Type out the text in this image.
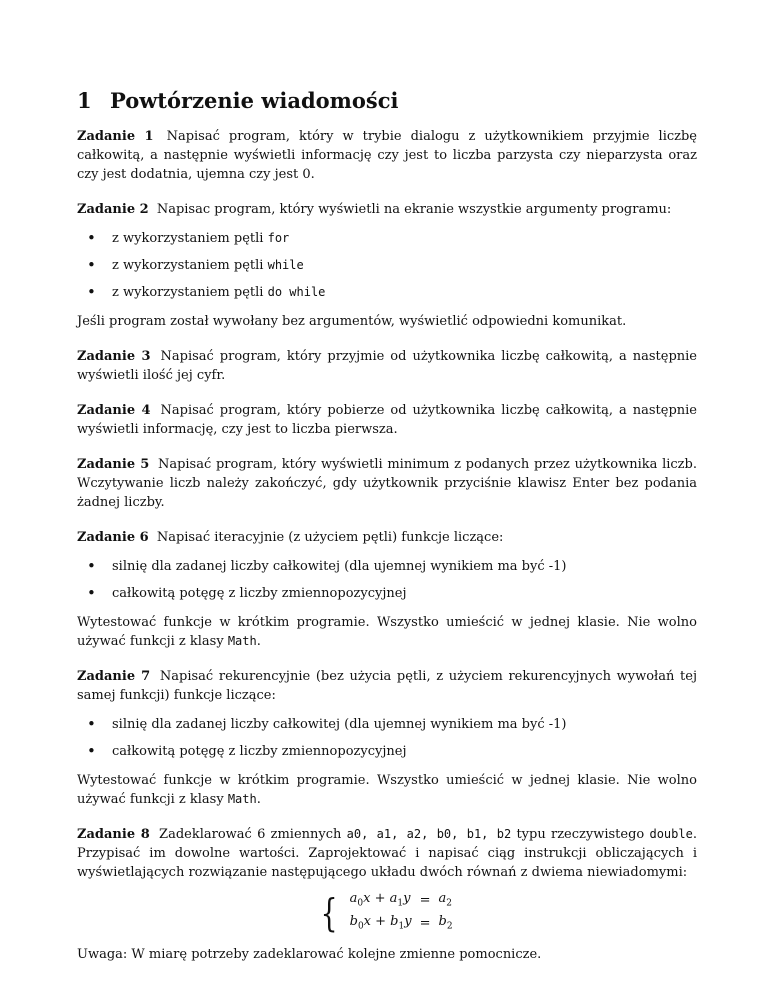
1 Powtórzenie wiadomości

Zadanie 1 Napisać program, który w trybie dialogu z użytkownikiem przyjmie liczbę całkowitą, a następnie wyświetli informację czy jest to liczba parzysta czy nieparzysta oraz czy jest dodatnia, ujemna czy jest 0.

Zadanie 2 Napisac program, który wyświetli na ekranie wszystkie argumenty programu:

• z wykorzystaniem pętli for
• z wykorzystaniem pętli while
• z wykorzystaniem pętli do while

Jeśli program został wywołany bez argumentów, wyświetlić odpowiedni komunikat.

Zadanie 3 Napisać program, który przyjmie od użytkownika liczbę całkowitą, a następnie wyświetli ilość jej cyfr.

Zadanie 4 Napisać program, który pobierze od użytkownika liczbę całkowitą, a następnie wyświetli informację, czy jest to liczba pierwsza.

Zadanie 5 Napisać program, który wyświetli minimum z podanych przez użytkownika liczb. Wczytywanie liczb należy zakończyć, gdy użytkownik przyciśnie klawisz Enter bez podania żadnej liczby.

Zadanie 6 Napisać iteracyjnie (z użyciem pętli) funkcje liczące:

• silnię dla zadanej liczby całkowitej (dla ujemnej wynikiem ma być -1)
• całkowitą potęgę z liczby zmiennopozycyjnej

Wytestować funkcje w krótkim programie. Wszystko umieścić w jednej klasie. Nie wolno używać funkcji z klasy Math.

Zadanie 7 Napisać rekurencyjnie (bez użycia pętli, z użyciem rekurencyjnych wywołań tej samej funkcji) funkcje liczące:

• silnię dla zadanej liczby całkowitej (dla ujemnej wynikiem ma być -1)
• całkowitą potęgę z liczby zmiennopozycyjnej

Wytestować funkcje w krótkim programie. Wszystko umieścić w jednej klasie. Nie wolno używać funkcji z klasy Math.

Zadanie 8 Zadeklarować 6 zmiennych a0, a1, a2, b0, b1, b2 typu rzeczywistego double. Przypisać im dowolne wartości. Zaprojektować i napisać ciąg instrukcji obliczających i wyświetlających rozwiązanie następującego układu dwóch równań z dwiema niewiadomymi:

{ $a_0x + a_1y$	=	$a_2$
$b_0x + b_1y$	=	$b_2$

Uwaga: W miarę potrzeby zadeklarować kolejne zmienne pomocnicze.
